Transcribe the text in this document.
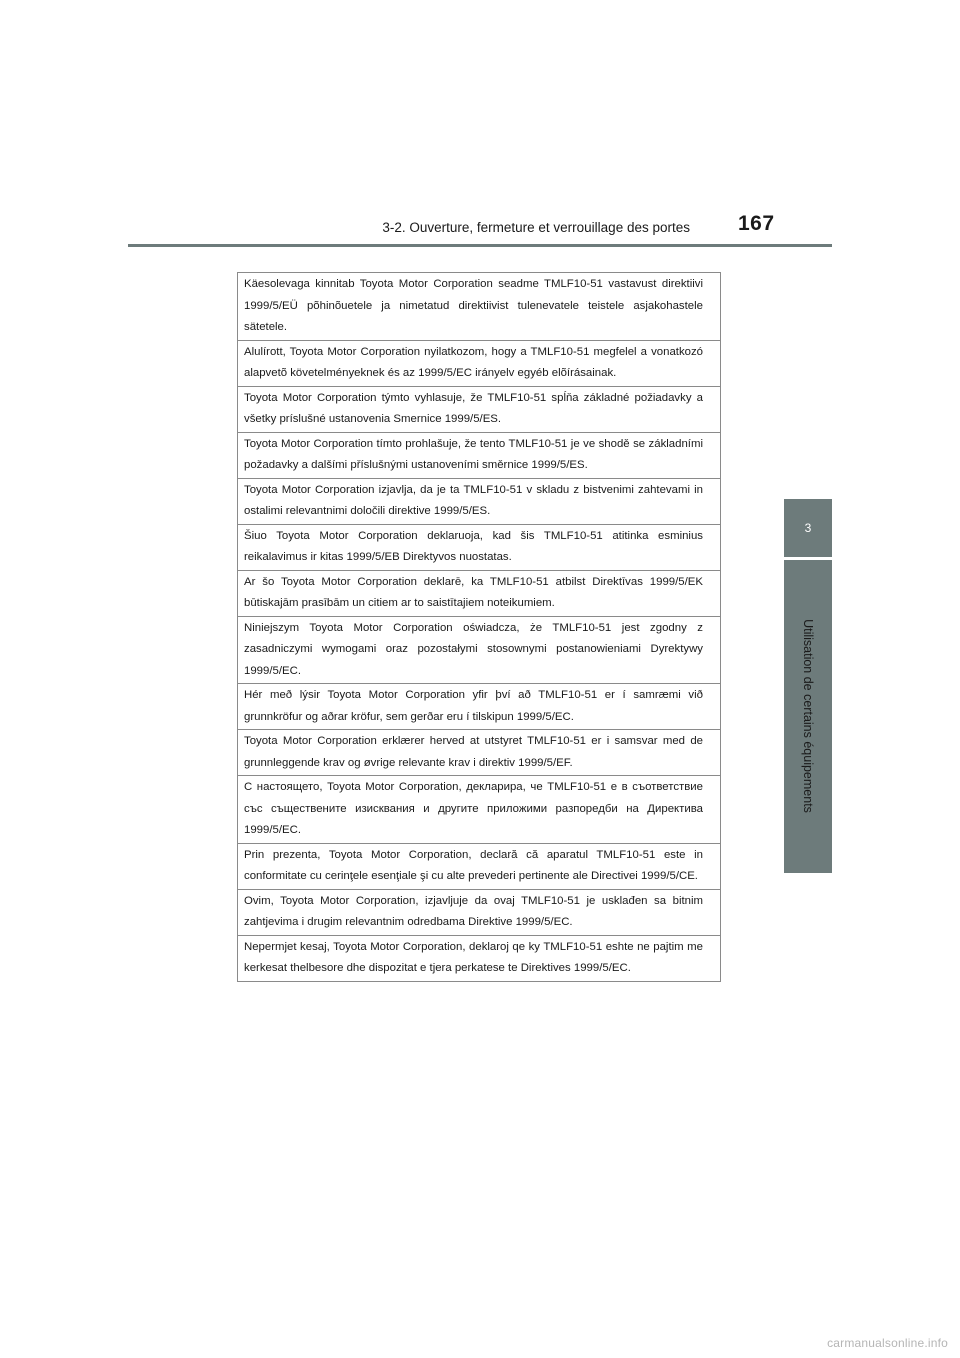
3-2. Ouverture, fermeture et verrouillage des portes 167
3
Utilisation de certains équipements
Käesolevaga kinnitab Toyota Motor Corporation seadme TMLF10-51 vastavust direktiivi 1999/5/EÜ põhinõuetele ja nimetatud direktiivist tulenevatele teistele asjakohastele sätetele.
Alulírott, Toyota Motor Corporation nyilatkozom, hogy a TMLF10-51 megfelel a vonatkozó alapvetõ követelményeknek és az 1999/5/EC irányelv egyéb elõírásainak.
Toyota Motor Corporation týmto vyhlasuje, že TMLF10-51 spĺňa základné požiadavky a všetky príslušné ustanovenia Smernice 1999/5/ES.
Toyota Motor Corporation tímto prohlašuje, že tento TMLF10-51 je ve shodě se základními požadavky a dalšími příslušnými ustanoveními směrnice 1999/5/ES.
Toyota Motor Corporation izjavlja, da je ta TMLF10-51 v skladu z bistvenimi zahtevami in ostalimi relevantnimi določili direktive 1999/5/ES.
Šiuo Toyota Motor Corporation deklaruoja, kad šis TMLF10-51 atitinka esminius reikalavimus ir kitas 1999/5/EB Direktyvos nuostatas.
Ar šo Toyota Motor Corporation deklarē, ka TMLF10-51 atbilst Direktīvas 1999/5/EK būtiskajām prasībām un citiem ar to saistītajiem noteikumiem.
Niniejszym Toyota Motor Corporation oświadcza, że TMLF10-51 jest zgodny z zasadniczymi wymogami oraz pozostałymi stosownymi postanowieniami Dyrektywy 1999/5/EC.
Hér með lýsir Toyota Motor Corporation yfir því að TMLF10-51 er í samræmi við grunnkröfur og aðrar kröfur, sem gerðar eru í tilskipun 1999/5/EC.
Toyota Motor Corporation erklærer herved at utstyret TMLF10-51 er i samsvar med de grunnleggende krav og øvrige relevante krav i direktiv 1999/5/EF.
С настоящето, Toyota Motor Corporation, декларира, че TMLF10-51 е в съответствие със съществените изисквания и другите приложими разпоредби на Директива 1999/5/EC.
Prin prezenta, Toyota Motor Corporation, declară că aparatul TMLF10-51 este in conformitate cu cerinţele esenţiale şi cu alte prevederi pertinente ale Directivei 1999/5/CE.
Ovim, Toyota Motor Corporation, izjavljuje da ovaj TMLF10-51 je usklađen sa bitnim zahtjevima i drugim relevantnim odredbama Direktive 1999/5/EC.
Nepermjet kesaj, Toyota Motor Corporation, deklaroj qe ky TMLF10-51 eshte ne pajtim me kerkesat thelbesore dhe dispozitat e tjera perkatese te Direktives 1999/5/EC.
carmanualsonline.info
